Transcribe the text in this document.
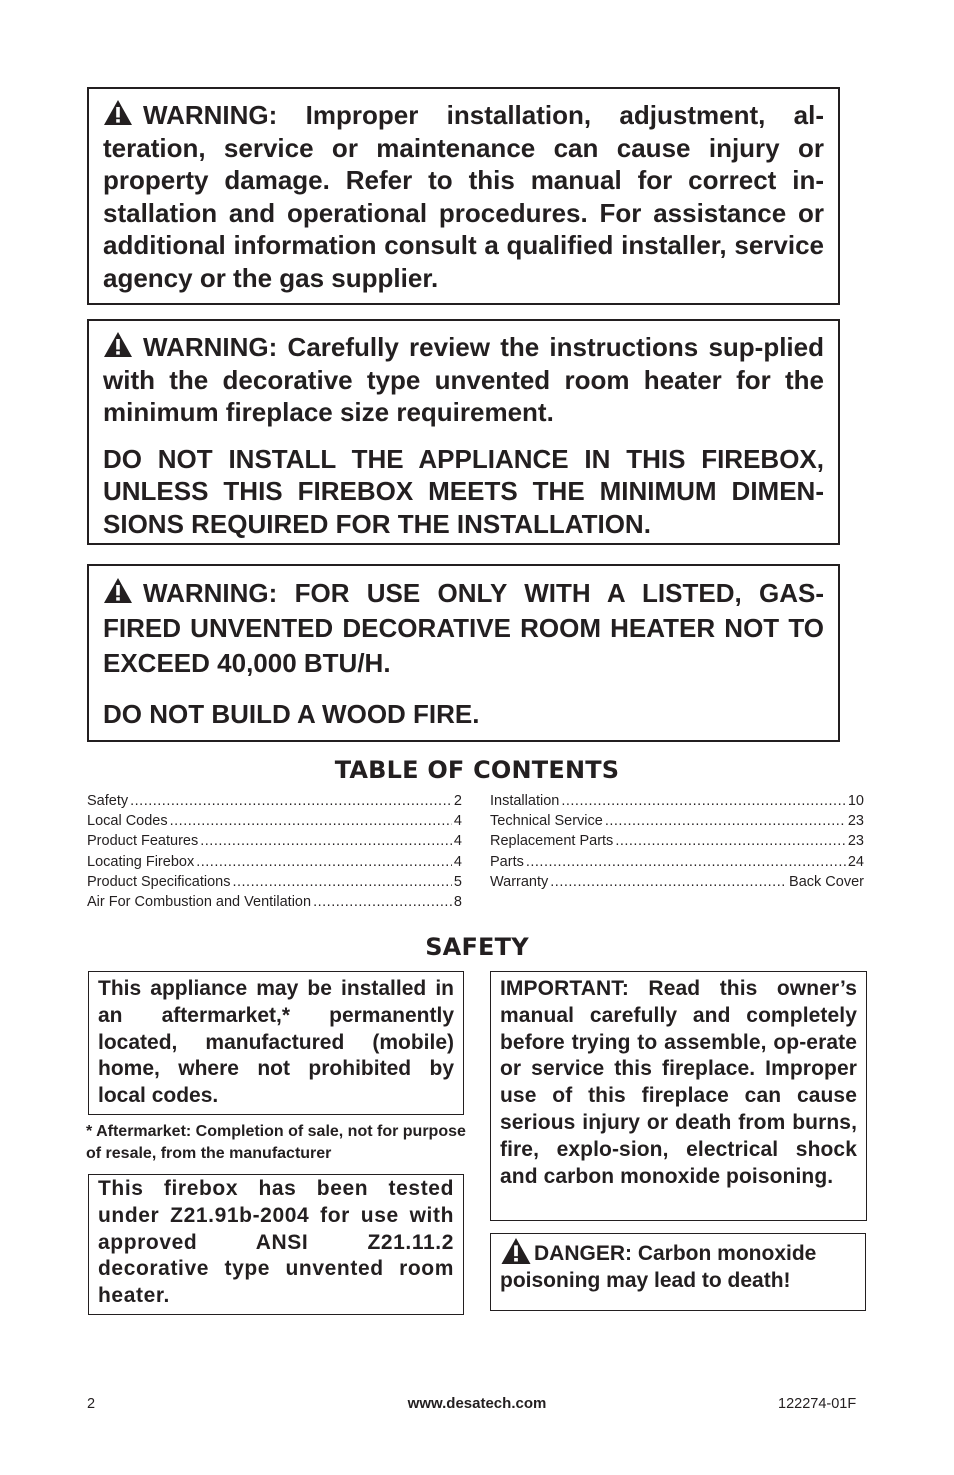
WARNING: Improper installation, adjustment, al-teration, service or maintenance can cause injury or property damage. Refer to this manual for correct in-stallation and operational procedures. For assistance or additional information consult a qualified installer, service agency or the gas supplier.

WARNING: Carefully review the instructions sup-plied with the decorative type unvented room heater for the minimum fireplace size requirement.

DO NOT INSTALL THE APPLIANCE IN THIS FIREBOX, UNLESS THIS FIREBOX MEETS THE MINIMUM DIMEN-SIONS REQUIRED FOR THE INSTALLATION.

WARNING: FOR USE ONLY WITH A LISTED, GAS-FIRED UNVENTED DECORATIVE ROOM HEATER NOT TO EXCEED 40,000 BTU/H.

DO NOT BUILD A WOOD FIRE.

TABLE OF CONTENTS
Safety .....	2
Local Codes .....	4
Product Features .....	4
Locating Firebox .....	4
Product Specifications .....	5
Air For Combustion and Ventilation .....	8
Installation .....	10
Technical Service .....	23
Replacement Parts .....	23
Parts .....	24
Warranty .....	Back Cover
SAFETY
This appliance may be installed in an aftermarket,* permanently located, manufactured (mobile) home, where not prohibited by local codes.
* Aftermarket: Completion of sale, not for purpose of resale, from the manufacturer
This firebox has been tested under Z21.91b-2004 for use with approved ANSI Z21.11.2 decorative type unvented room heater.
IMPORTANT: Read this owner’s manual carefully and completely before trying to assemble, op-erate or service this fireplace. Improper use of this fireplace can cause serious injury or death from burns, fire, explo-sion, electrical shock and carbon monoxide poisoning.
DANGER: Carbon monoxide poisoning may lead to death!
2	www.desatech.com	122274-01F
